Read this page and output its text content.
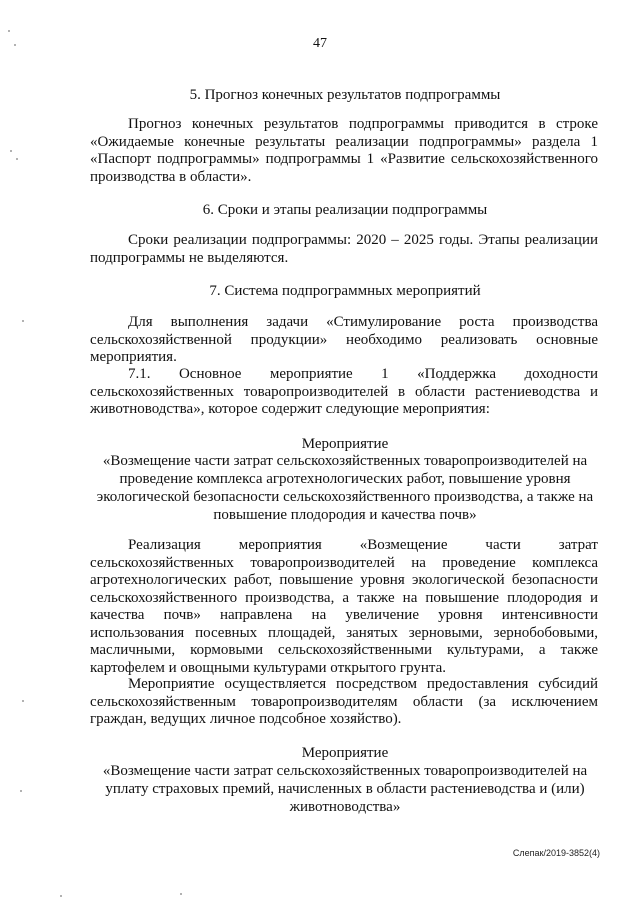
47
5. Прогноз конечных результатов подпрограммы
Прогноз конечных результатов подпрограммы приводится в строке «Ожидаемые конечные результаты реализации подпрограммы» раздела 1 «Паспорт подпрограммы» подпрограммы 1 «Развитие сельскохозяйственного производства в области».
6. Сроки и этапы реализации подпрограммы
Сроки реализации подпрограммы: 2020 – 2025 годы. Этапы реализации подпрограммы не выделяются.
7. Система подпрограммных мероприятий
Для выполнения задачи «Стимулирование роста производства сельскохозяйственной продукции» необходимо реализовать основные мероприятия.
7.1. Основное мероприятие 1 «Поддержка доходности сельскохозяйственных товаропроизводителей в области растениеводства и животноводства», которое содержит следующие мероприятия:
Мероприятие
«Возмещение части затрат сельскохозяйственных товаропроизводителей на проведение комплекса агротехнологических работ, повышение уровня экологической безопасности сельскохозяйственного производства, а также на повышение плодородия и качества почв»
Реализация мероприятия «Возмещение части затрат сельскохозяйственных товаропроизводителей на проведение комплекса агротехнологических работ, повышение уровня экологической безопасности сельскохозяйственного производства, а также на повышение плодородия и качества почв» направлена на увеличение уровня интенсивности использования посевных площадей, занятых зерновыми, зернобобовыми, масличными, кормовыми сельскохозяйственными культурами, а также картофелем и овощными культурами открытого грунта.
Мероприятие осуществляется посредством предоставления субсидий сельскохозяйственным товаропроизводителям области (за исключением граждан, ведущих личное подсобное хозяйство).
Мероприятие
«Возмещение части затрат сельскохозяйственных товаропроизводителей на уплату страховых премий, начисленных в области растениеводства и (или) животноводства»
Слепак/2019-3852(4)
